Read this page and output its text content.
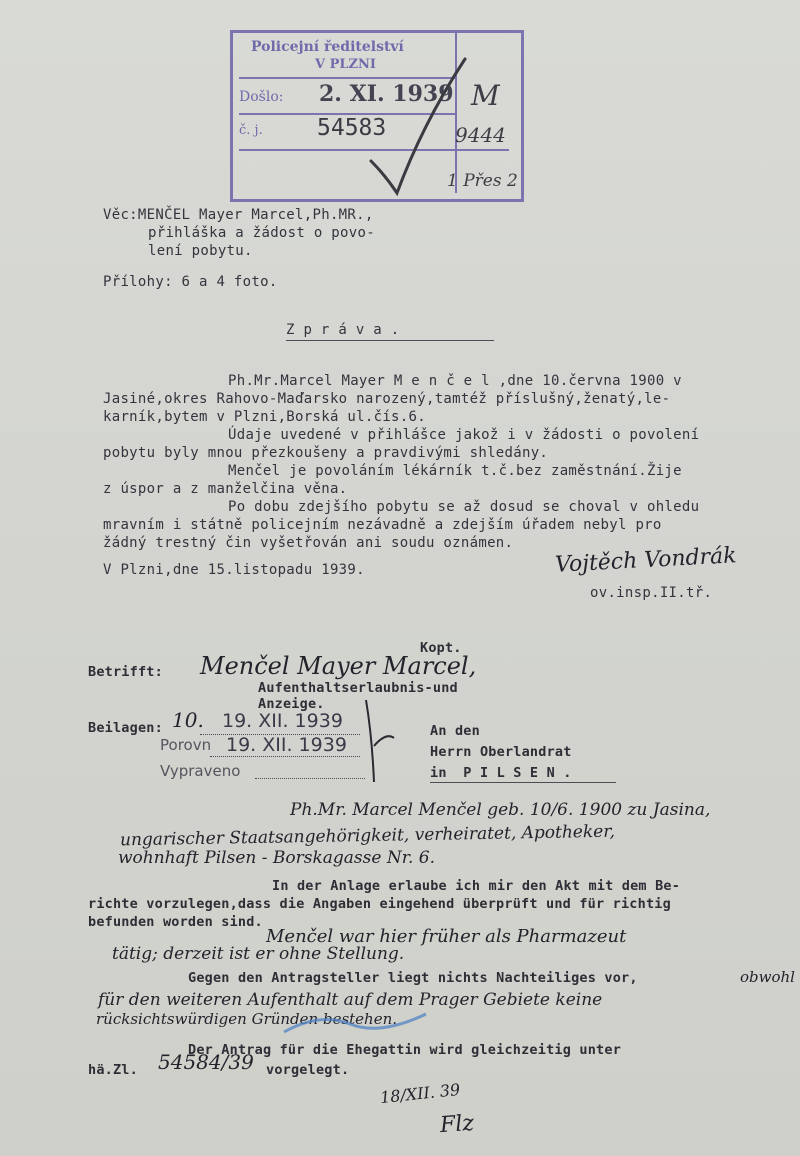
Policejní ředitelství
V PLZNI
Došlo: 2. XI. 1939
č. j. 54583
M
9444
1 Přes 2
Věc:MENČEL Mayer Marcel,Ph.MR.,
přihláška a žádost o povo-
lení pobytu.
Přílohy: 6 a 4 foto.
Z p r á v a .
Ph.Mr.Marcel Mayer M e n č e l ,dne 10.června 1900 v
Jasiné,okres Rahovo-Maďarsko narozený,tamtéž příslušný,ženatý,le-
karník,bytem v Plzni,Borská ul.čís.6.
Údaje uvedené v přihlášce jakož i v žádosti o povolení
pobytu byly mnou přezkoušeny a pravdivými shledány.
Menčel je povoláním lékárník t.č.bez zaměstnání.Žije
z úspor a z manželčina věna.
Po dobu zdejšího pobytu se až dosud se choval v ohledu
mravním i státně policejním nezávadně a zdejším úřadem nebyl pro
žádný trestný čin vyšetřován ani soudu oznámen.
V Plzni,dne 15.listopadu 1939.	Vojtěch Vondrák
ov.insp.II.tř.
Kopt.
Betrifft: Menčel Mayer Marcel,
Aufenthaltserlaubnis-und
Anzeige.
Beilagen: 10. 19. XII. 1939
Porovn 19. XII. 1939
Vypraveno
An den
Herrn Oberlandrat
in  P I L S E N .
Ph.Mr. Marcel Menčel geb. 10/6. 1900 zu Jasina,
ungarischer Staatsangehörigkeit, verheiratet, Apotheker,
wohnhaft Pilsen - Borskagasse Nr. 6.
In der Anlage erlaube ich mir den Akt mit dem Be-
richte vorzulegen,dass die Angaben eingehend überprüft und für richtig
befunden worden sind.
Menčel war hier früher als Pharmazeut
tätig; derzeit ist er ohne Stellung.
Gegen den Antragsteller liegt nichts Nachteiliges vor,	obwohl
für den weiteren Aufenthalt auf dem Prager Gebiete keine
rücksichtswürdigen Gründen bestehen.
Der Antrag für die Ehegattin wird gleichzeitig unter
hä.Zl. 54584/39 vorgelegt.
18/XII. 39
Flz
